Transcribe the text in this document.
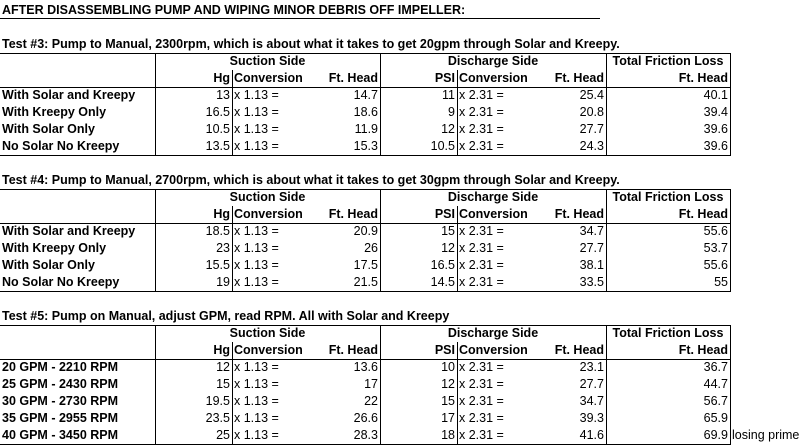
AFTER DISASSEMBLING PUMP AND WIPING MINOR DEBRIS OFF IMPELLER:
Test #3: Pump to Manual, 2300rpm, which is about what it takes to get 20gpm through Solar and Kreepy.
Suction Side	Discharge Side	Total Friction Loss
Hg Conversion	Ft. Head	PSI Conversion	Ft. Head	Ft. Head
With Solar and Kreepy	13 x 1.13 =	14.7	11 x 2.31 =	25.4	40.1
With Kreepy Only	16.5 x 1.13 =	18.6	9 x 2.31 =	20.8	39.4
With Solar Only	10.5 x 1.13 =	11.9	12 x 2.31 =	27.7	39.6
No Solar No Kreepy	13.5 x 1.13 =	15.3	10.5 x 2.31 =	24.3	39.6
Test #4: Pump to Manual, 2700rpm, which is about what it takes to get 30gpm through Solar and Kreepy.
Suction Side	Discharge Side	Total Friction Loss
Hg Conversion	Ft. Head	PSI Conversion	Ft. Head	Ft. Head
With Solar and Kreepy	18.5 x 1.13 =	20.9	15 x 2.31 =	34.7	55.6
With Kreepy Only	23 x 1.13 =	26	12 x 2.31 =	27.7	53.7
With Solar Only	15.5 x 1.13 =	17.5	16.5 x 2.31 =	38.1	55.6
No Solar No Kreepy	19 x 1.13 =	21.5	14.5 x 2.31 =	33.5	55
Test #5: Pump on Manual, adjust GPM, read RPM. All with Solar and Kreepy
Suction Side	Discharge Side	Total Friction Loss
Hg Conversion	Ft. Head	PSI Conversion	Ft. Head	Ft. Head
20 GPM - 2210 RPM	12 x 1.13 =	13.6	10 x 2.31 =	23.1	36.7
25 GPM - 2430 RPM	15 x 1.13 =	17	12 x 2.31 =	27.7	44.7
30 GPM - 2730 RPM	19.5 x 1.13 =	22	15 x 2.31 =	34.7	56.7
35 GPM - 2955 RPM	23.5 x 1.13 =	26.6	17 x 2.31 =	39.3	65.9
40 GPM - 3450 RPM	25 x 1.13 =	28.3	18 x 2.31 =	41.6	69.9 losing prime
